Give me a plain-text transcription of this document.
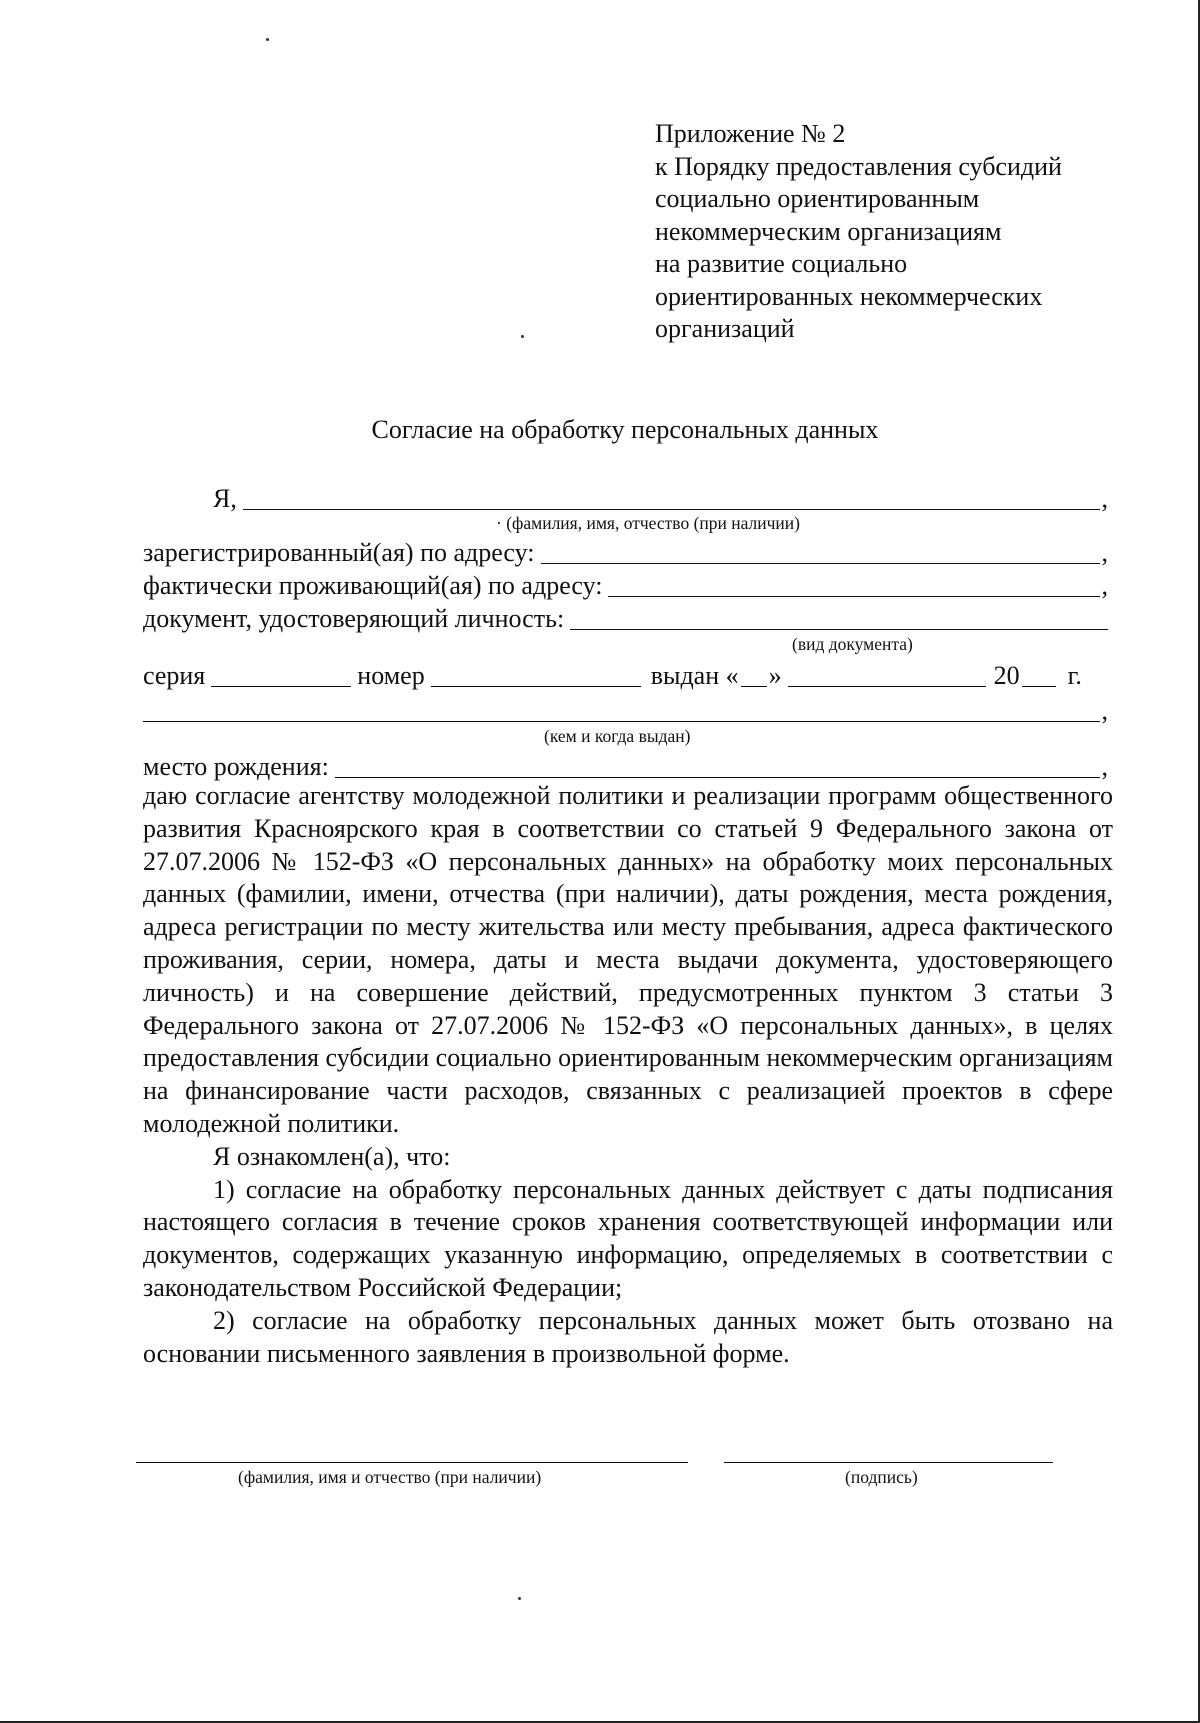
Приложение № 2
к Порядку предоставления субсидий
социально ориентированным
некоммерческим организациям
на развитие социально
ориентированных некоммерческих
организаций
Согласие на обработку персональных данных
Я,	,
· (фамилия, имя, отчество (при наличии)
зарегистрированный(ая) по адресу:	,
фактически проживающий(ая) по адресу:	,
документ, удостоверяющий личность:
(вид документа)
серия	номер	выдан « »	20 г.
,
(кем и когда выдан)
место рождения:	,

даю согласие агентству молодежной политики и реализации программ общественного развития Красноярского края в соответствии со статьей 9 Федерального закона от 27.07.2006 № 152-ФЗ «О персональных данных» на обработку моих персональных данных (фамилии, имени, отчества (при наличии), даты рождения, места рождения, адреса регистрации по месту жительства или месту пребывания, адреса фактического проживания, серии, номера, даты и места выдачи документа, удостоверяющего личность) и на совершение действий, предусмотренных пунктом 3 статьи 3 Федерального закона от 27.07.2006 № 152-ФЗ «О персональных данных», в целях предоставления субсидии социально ориентированным некоммерческим организациям на финансирование части расходов, связанных с реализацией проектов в сфере молодежной политики.

Я ознакомлен(а), что:

1) согласие на обработку персональных данных действует с даты подписания настоящего согласия в течение сроков хранения соответствующей информации или документов, содержащих указанную информацию, определяемых в соответствии с законодательством Российской Федерации;

2) согласие на обработку персональных данных может быть отозвано на основании письменного заявления в произвольной форме.

(фамилия, имя и отчество (при наличии)	(подпись)
